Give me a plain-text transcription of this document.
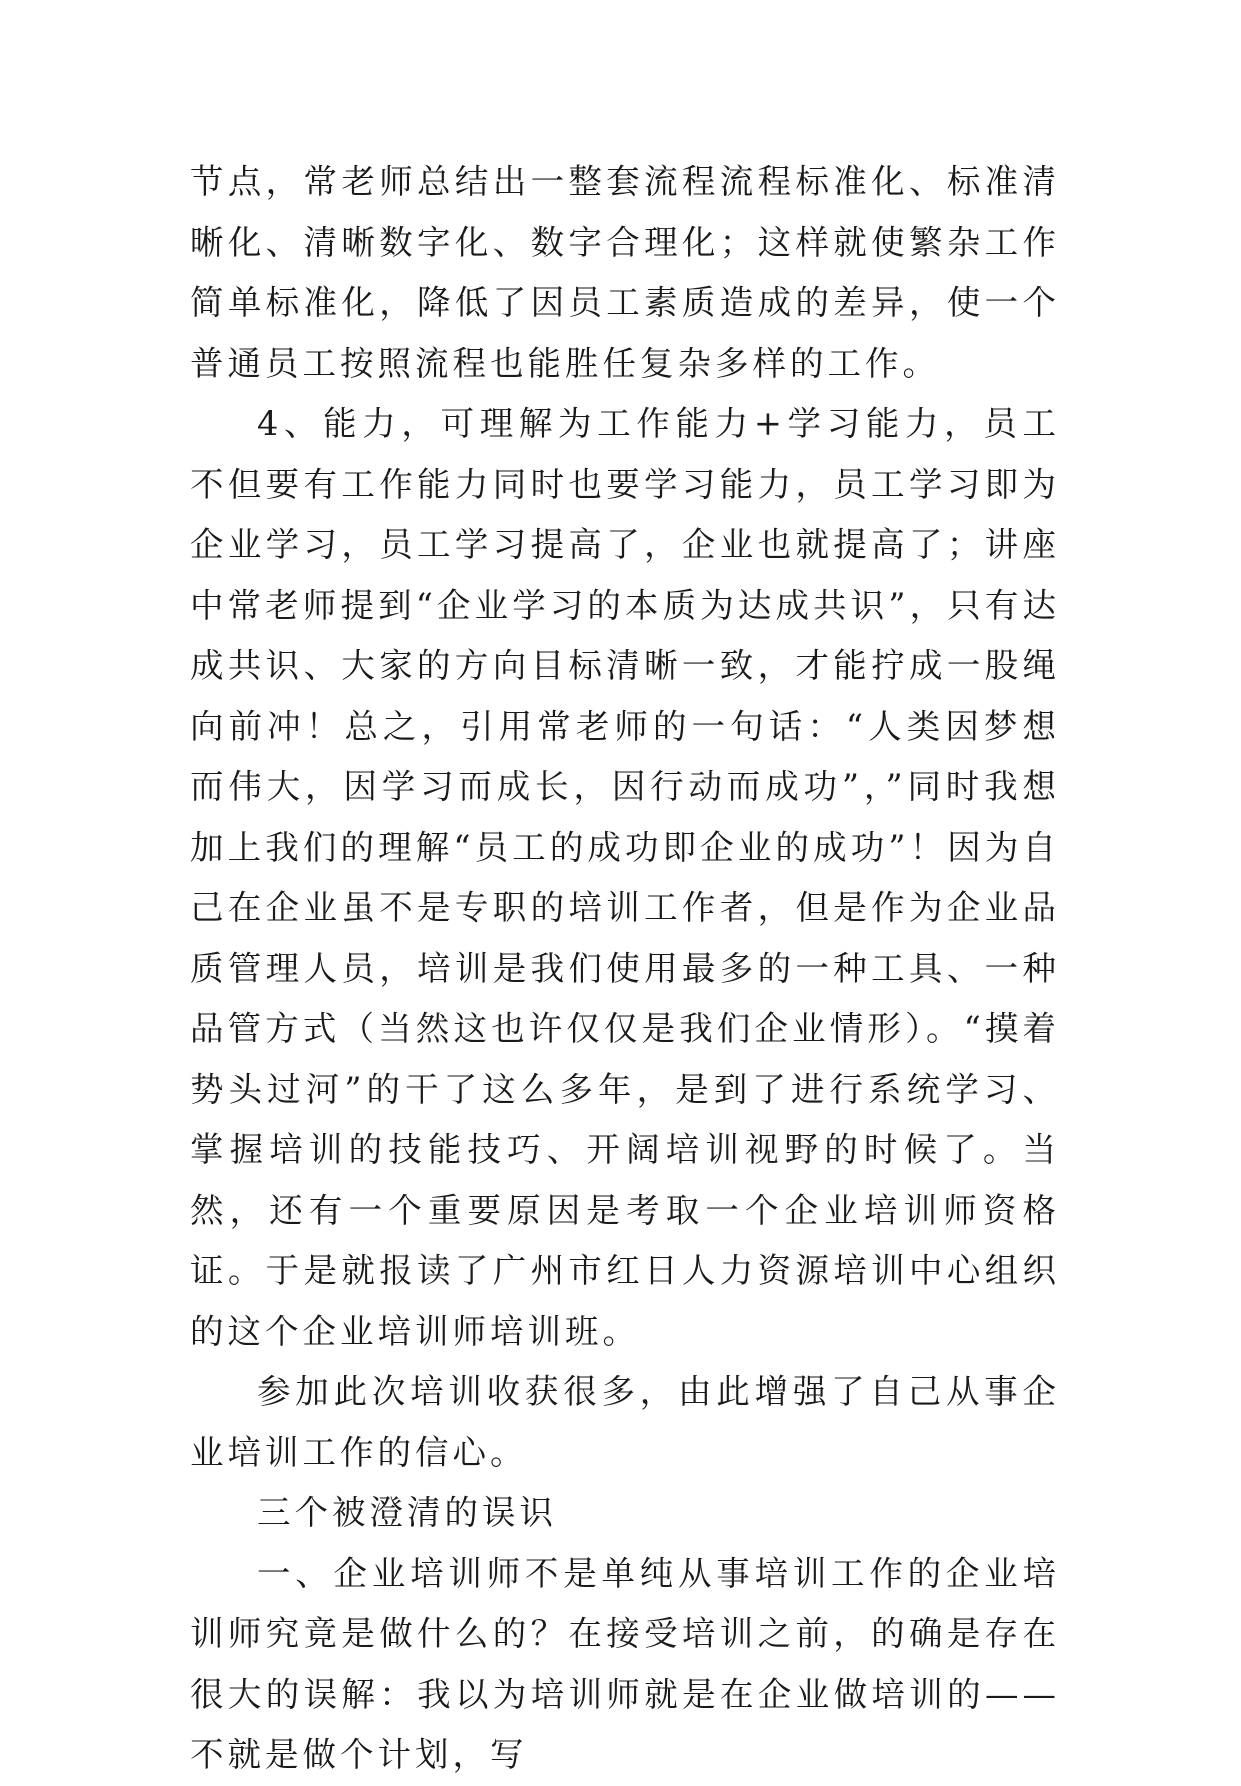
节点，常老师总结出一整套流程流程标准化、标准清晰化、清晰数字化、数字合理化；这样就使繁杂工作简单标准化，降低了因员工素质造成的差异，使一个普通员工按照流程也能胜任复杂多样的工作。

4、能力，可理解为工作能力+学习能力，员工不但要有工作能力同时也要学习能力，员工学习即为企业学习，员工学习提高了，企业也就提高了；讲座中常老师提到“企业学习的本质为达成共识”，只有达成共识、大家的方向目标清晰一致，才能拧成一股绳向前冲！总之，引用常老师的一句话：“人类因梦想而伟大，因学习而成长，因行动而成功”，”同时我想加上我们的理解“员工的成功即企业的成功”！因为自己在企业虽不是专职的培训工作者，但是作为企业品质管理人员，培训是我们使用最多的一种工具、一种品管方式（当然这也许仅仅是我们企业情形）。“摸着势头过河”的干了这么多年，是到了进行系统学习、掌握培训的技能技巧、开阔培训视野的时候了。当然，还有一个重要原因是考取一个企业培训师资格证。于是就报读了广州市红日人力资源培训中心组织的这个企业培训师培训班。

参加此次培训收获很多，由此增强了自己从事企业培训工作的信心。

三个被澄清的误识

一、企业培训师不是单纯从事培训工作的企业培训师究竟是做什么的？在接受培训之前，的确是存在很大的误解：我以为培训师就是在企业做培训的——不就是做个计划，写
